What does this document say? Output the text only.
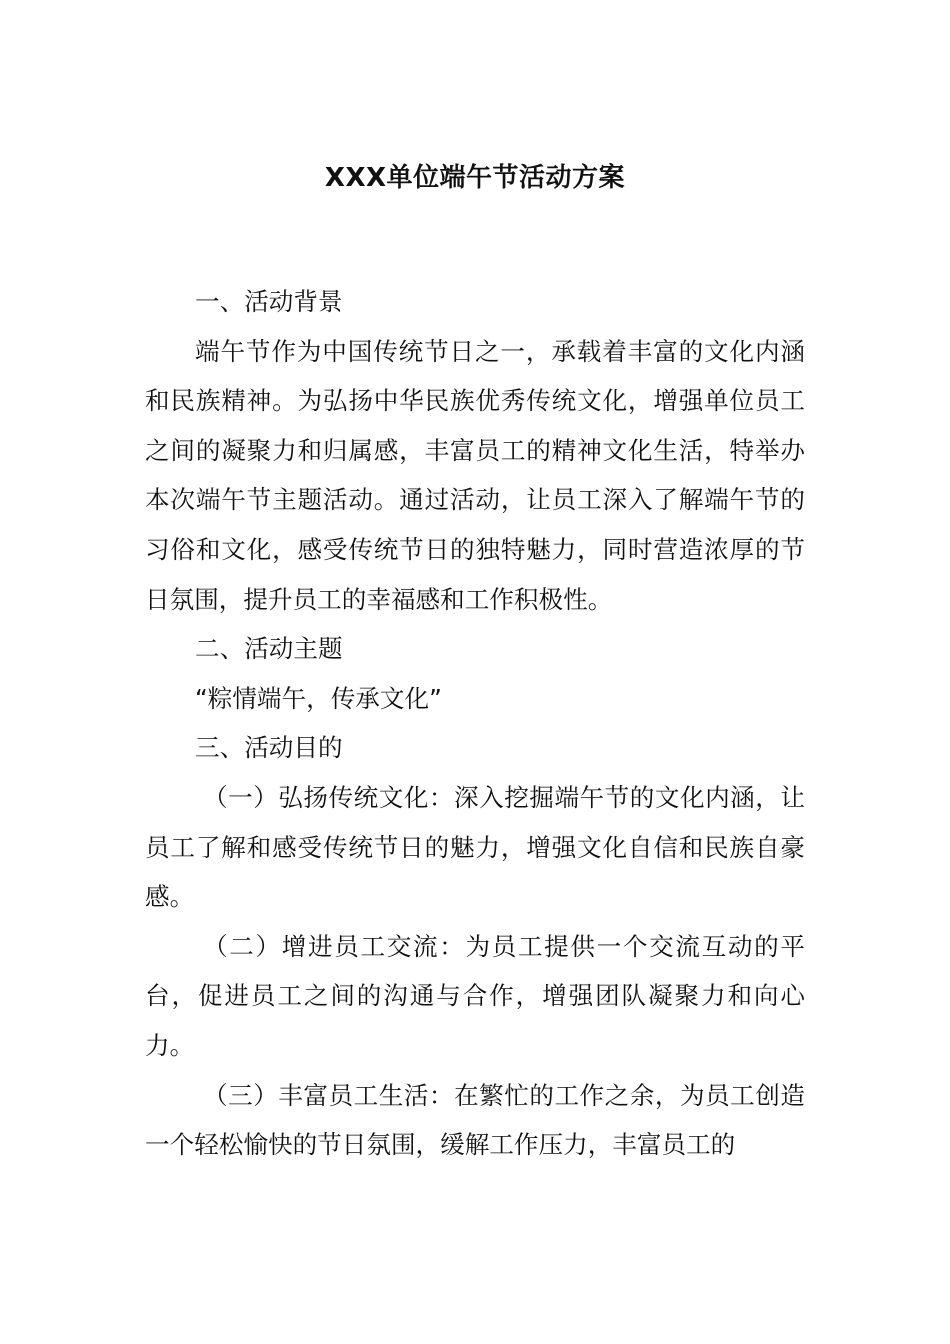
XXX单位端午节活动方案

一、活动背景

端午节作为中国传统节日之一，承载着丰富的文化内涵和民族精神。为弘扬中华民族优秀传统文化，增强单位员工之间的凝聚力和归属感，丰富员工的精神文化生活，特举办本次端午节主题活动。通过活动，让员工深入了解端午节的习俗和文化，感受传统节日的独特魅力，同时营造浓厚的节日氛围，提升员工的幸福感和工作积极性。

二、活动主题

“粽情端午，传承文化”

三、活动目的

（一）弘扬传统文化：深入挖掘端午节的文化内涵，让员工了解和感受传统节日的魅力，增强文化自信和民族自豪感。

（二）增进员工交流：为员工提供一个交流互动的平台，促进员工之间的沟通与合作，增强团队凝聚力和向心力。

（三）丰富员工生活：在繁忙的工作之余，为员工创造一个轻松愉快的节日氛围，缓解工作压力，丰富员工的
